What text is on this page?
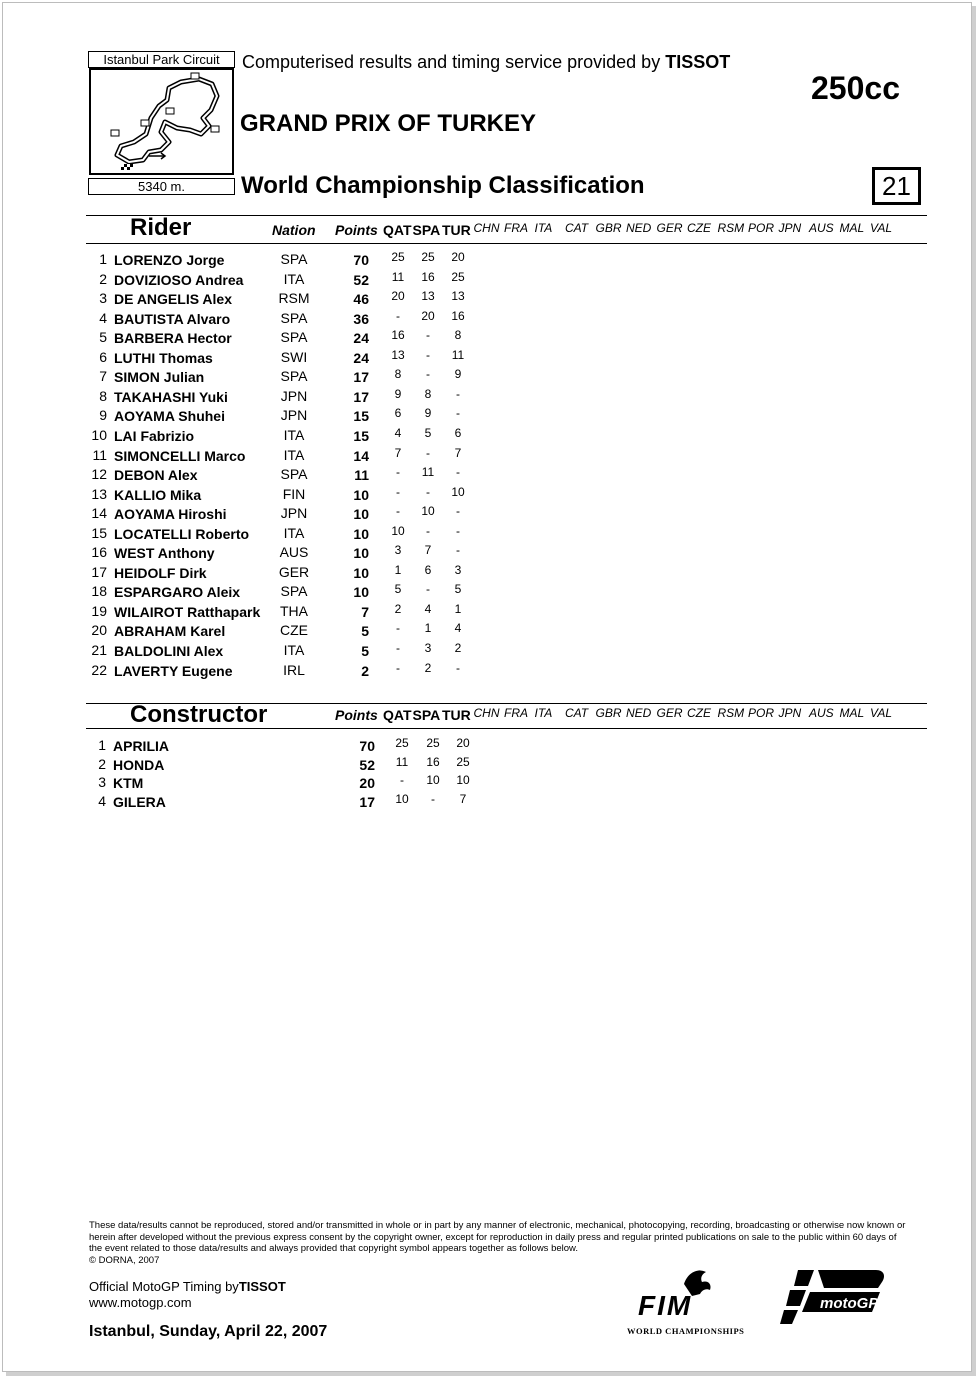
Istanbul Park Circuit
5340 m.
Computerised results and timing service provided by TISSOT
GRAND PRIX OF TURKEY
World Championship Classification
250cc
21
Rider	Nation Points QAT SPA TUR CHN FRA ITA CAT GBR NED GER CZE RSM POR JPN AUS MAL VAL
1 LORENZO Jorge	SPA	70	25	25	20
2 DOVIZIOSO Andrea	ITA	52	11	16	25
3 DE ANGELIS Alex	RSM	46	20	13	13
4 BAUTISTA Alvaro	SPA	36	-	20	16
5 BARBERA Hector	SPA	24	16	-	8
6 LUTHI Thomas	SWI	24	13	-	11
7 SIMON Julian	SPA	17	8	-	9
8 TAKAHASHI Yuki	JPN	17	9	8	-
9 AOYAMA Shuhei	JPN	15	6	9	-
10 LAI Fabrizio	ITA	15	4	5	6
11 SIMONCELLI Marco	ITA	14	7	-	7
12 DEBON Alex	SPA	11	-	11	-
13 KALLIO Mika	FIN	10	-	-	10
14 AOYAMA Hiroshi	JPN	10	-	10	-
15 LOCATELLI Roberto	ITA	10	10	-	-
16 WEST Anthony	AUS	10	3	7	-
17 HEIDOLF Dirk	GER	10	1	6	3
18 ESPARGARO Aleix	SPA	10	5	-	5
19 WILAIROT Ratthapark THA	7	2	4	1
20 ABRAHAM Karel	CZE	5	-	1	4
21 BALDOLINI Alex	ITA	5	-	3	2
22 LAVERTY Eugene	IRL	2	-	2	-
Constructor	Points QAT SPA TUR CHN FRA ITA CAT GBR NED GER CZE RSM POR JPN AUS MAL VAL
1 APRILIA	70	25	25	20
2 HONDA	52	11	16	25
3 KTM	20	-	10	10
4 GILERA	17	10	-	7
These data/results cannot be reproduced, stored and/or transmitted in whole or in part by any manner of electronic, mechanical, photocopying, recording, broadcasting or otherwise now known or herein after developed without the previous express consent by the copyright owner, except for reproduction in daily press and regular printed publications on sale to the public within 60 days of the event related to those data/results and always provided that copyright symbol appears together as follows below.
© DORNA, 2007
Official MotoGP Timing byTISSOT
www.motogp.com
Istanbul, Sunday, April 22, 2007
FIM
WORLD CHAMPIONSHIPS
motoGP
